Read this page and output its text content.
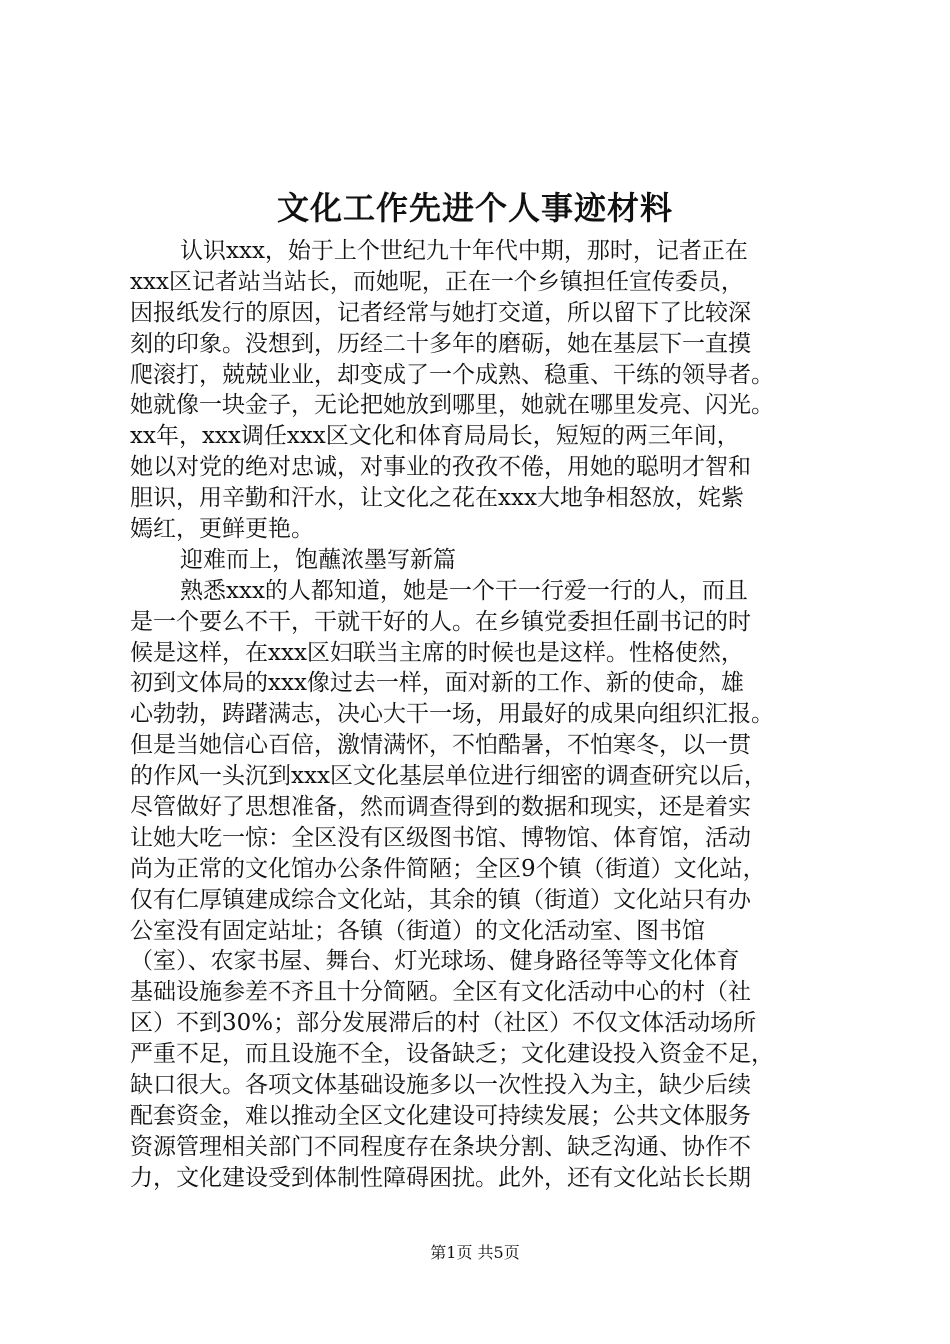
文化工作先进个人事迹材料
认识xxx，始于上个世纪九十年代中期，那时，记者正在
xxx区记者站当站长，而她呢，正在一个乡镇担任宣传委员，
因报纸发行的原因，记者经常与她打交道，所以留下了比较深
刻的印象。没想到，历经二十多年的磨砺，她在基层下一直摸
爬滚打，兢兢业业，却变成了一个成熟、稳重、干练的领导者。
她就像一块金子，无论把她放到哪里，她就在哪里发亮、闪光。
xx年，xxx调任xxx区文化和体育局局长，短短的两三年间，
她以对党的绝对忠诚，对事业的孜孜不倦，用她的聪明才智和
胆识，用辛勤和汗水，让文化之花在xxx大地争相怒放，姹紫
嫣红，更鲜更艳。
迎难而上，饱蘸浓墨写新篇
熟悉xxx的人都知道，她是一个干一行爱一行的人，而且
是一个要么不干，干就干好的人。在乡镇党委担任副书记的时
候是这样，在xxx区妇联当主席的时候也是这样。性格使然，
初到文体局的xxx像过去一样，面对新的工作、新的使命，雄
心勃勃，踌躇满志，决心大干一场，用最好的成果向组织汇报。
但是当她信心百倍，激情满怀，不怕酷暑，不怕寒冬，以一贯
的作风一头沉到xxx区文化基层单位进行细密的调查研究以后，
尽管做好了思想准备，然而调查得到的数据和现实，还是着实
让她大吃一惊：全区没有区级图书馆、博物馆、体育馆，活动
尚为正常的文化馆办公条件简陋；全区9个镇（街道）文化站，
仅有仁厚镇建成综合文化站，其余的镇（街道）文化站只有办
公室没有固定站址；各镇（街道）的文化活动室、图书馆
（室）、农家书屋、舞台、灯光球场、健身路径等等文化体育
基础设施参差不齐且十分简陋。全区有文化活动中心的村（社
区）不到30%；部分发展滞后的村（社区）不仅文体活动场所
严重不足，而且设施不全，设备缺乏；文化建设投入资金不足，
缺口很大。各项文体基础设施多以一次性投入为主，缺少后续
配套资金，难以推动全区文化建设可持续发展；公共文体服务
资源管理相关部门不同程度存在条块分割、缺乏沟通、协作不
力，文化建设受到体制性障碍困扰。此外，还有文化站长长期
第1页 共5页
